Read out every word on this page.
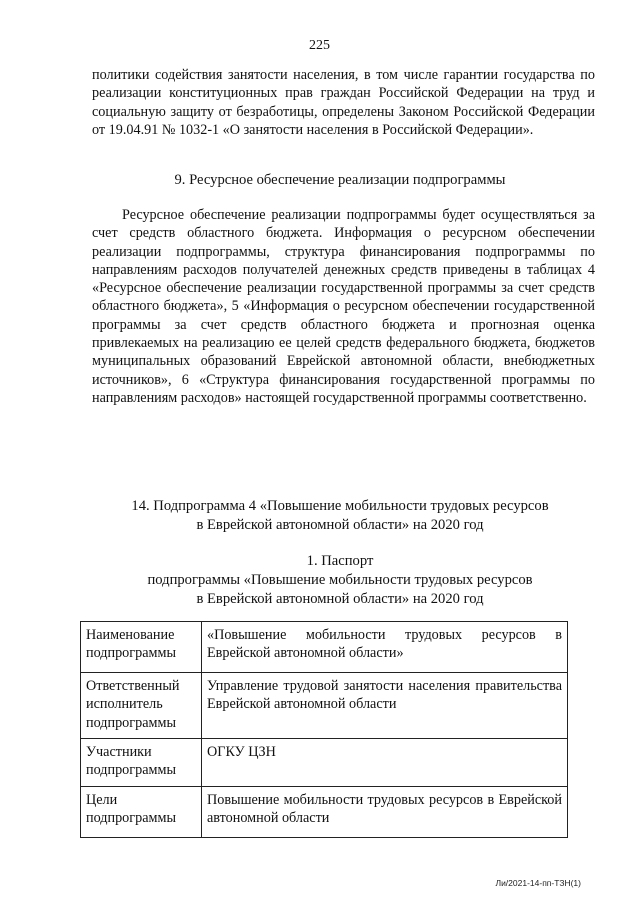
225

политики содействия занятости населения, в том числе гарантии государства по реализации конституционных прав граждан Российской Федерации на труд и социальную защиту от безработицы, определены Законом Российской Федерации от 19.04.91 № 1032-1 «О занятости населения в Российской Федерации».

9. Ресурсное обеспечение реализации подпрограммы

Ресурсное обеспечение реализации подпрограммы будет осуществляться за счет средств областного бюджета. Информация о ресурсном обеспечении реализации подпрограммы, структура финансирования подпрограммы по направлениям расходов получателей денежных средств приведены в таблицах 4 «Ресурсное обеспечение реализации государственной программы за счет средств областного бюджета», 5 «Информация о ресурсном обеспечении государственной программы за счет средств областного бюджета и прогнозная оценка привлекаемых на реализацию ее целей средств федерального бюджета, бюджетов муниципальных образований Еврейской автономной области, внебюджетных источников», 6 «Структура финансирования государственной программы по направлениям расходов» настоящей государственной программы соответственно.

14. Подпрограмма 4 «Повышение мобильности трудовых ресурсов
в Еврейской автономной области» на 2020 год
1. Паспорт
подпрограммы «Повышение мобильности трудовых ресурсов
в Еврейской автономной области» на 2020 год
Наименование подпрограммы	«Повышение мобильности трудовых ресурсов в Еврейской автономной области»
Ответственный исполнитель подпрограммы	Управление трудовой занятости населения правительства Еврейской автономной области
Участники подпрограммы	ОГКУ ЦЗН
Цели подпрограммы	Повышение мобильности трудовых ресурсов в Еврейской автономной области
Ли/2021-14-пп-ТЗН(1)
